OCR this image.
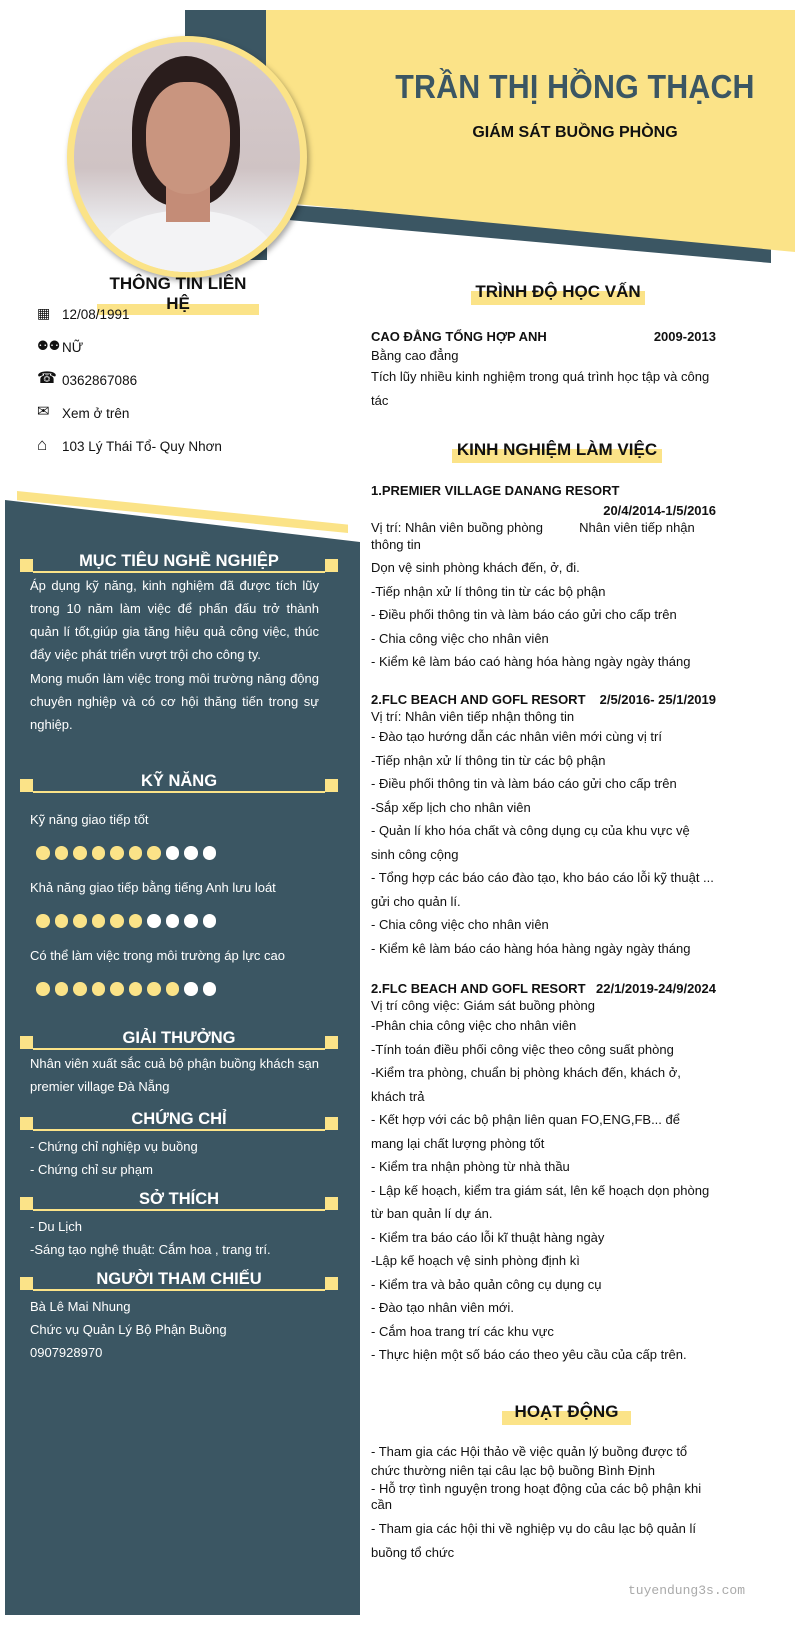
TRẦN THỊ HỒNG THẠCH
GIÁM SÁT BUỒNG PHÒNG
THÔNG TIN LIÊN HỆ
▦ 12/08/1991
⚉⚉ NỮ
☎ 0362867086
✉ Xem ở trên
⌂	103 Lý Thái Tổ- Quy Nhơn
MỤC TIÊU NGHỀ NGHIỆP
Áp dụng kỹ năng, kinh nghiệm đã được tích lũy trong 10 năm làm việc để phấn đấu trở thành quản lí tốt,giúp gia tăng hiệu quả công việc, thúc đẩy việc phát triển vượt trội cho công ty.
Mong muốn làm việc trong môi trường năng động chuyên nghiệp và có cơ hội thăng tiến trong sự nghiệp.
KỸ NĂNG
Kỹ năng giao tiếp tốt
Khả năng giao tiếp bằng tiếng Anh lưu loát
Có thể làm việc trong môi trường áp lực cao
GIẢI THƯỞNG
Nhân viên xuất sắc cuả bộ phận buồng khách sạn premier village Đà Nẵng
CHỨNG CHỈ
- Chứng chỉ nghiệp vụ buồng
- Chứng chỉ sư phạm
SỞ THÍCH
- Du Lịch
-Sáng tạo nghệ thuật: Cắm hoa , trang trí.
NGƯỜI THAM CHIẾU
Bà Lê Mai Nhung
Chức vụ Quản Lý Bộ Phận Buồng
0907928970
TRÌNH ĐỘ HỌC VẤN
CAO ĐẲNG TỔNG HỢP ANH	2009-2013
Bằng cao đẳng
Tích lũy nhiều kinh nghiệm trong quá trình học tập và công tác
KINH NGHIỆM LÀM VIỆC
1.PREMIER VILLAGE DANANG RESORT
20/4/2014-1/5/2016
Vị trí: Nhân viên buồng phòng          Nhân viên tiếp nhận thông tin
Dọn vệ sinh phòng khách đến, ở, đi.
-Tiếp nhận xử lí thông tin từ các bộ phận
- Điều phối thông tin và làm báo cáo gửi cho cấp trên
- Chia công việc cho nhân viên
- Kiểm kê làm báo caó hàng hóa hàng ngày ngày tháng
2.FLC BEACH AND GOFL RESORT 2/5/2016- 25/1/2019
Vị trí: Nhân viên tiếp nhận thông tin
- Đào tạo hướng dẫn các nhân viên mới cùng vị trí
-Tiếp nhận xử lí thông tin từ các bộ phận
- Điều phối thông tin và làm báo cáo gửi cho cấp trên
-Sắp xếp lịch cho nhân viên
- Quản lí kho hóa chất và công dụng cụ của khu vực vệ sinh công cộng
- Tổng hợp các báo cáo đào tạo, kho báo cáo lỗi kỹ thuật ... gửi cho quản lí.
- Chia công việc cho nhân viên
- Kiểm kê làm báo cáo hàng hóa hàng ngày ngày tháng
2.FLC BEACH AND GOFL RESORT 22/1/2019-24/9/2024
Vị trí công việc: Giám sát buồng phòng
-Phân chia công việc cho nhân viên
-Tính toán điều phối công việc theo công suất phòng
-Kiểm tra phòng, chuẩn bị phòng khách đến, khách ở, khách trả
- Kết hợp với các bộ phận liên quan FO,ENG,FB... để mang lại chất lượng phòng tốt
- Kiểm tra nhận phòng từ nhà thầu
- Lập kế hoạch, kiểm tra giám sát, lên kế hoạch dọn phòng từ ban quản lí dự án.
- Kiểm tra báo cáo lỗi kĩ thuật hàng ngày
-Lập kế hoạch vệ sinh phòng định kì
- Kiểm tra và bảo quản công cụ dụng cụ
- Đào tạo nhân viên mới.
- Cắm hoa trang trí các khu vực
- Thực hiện một số báo cáo theo yêu cầu của cấp trên.
HOẠT ĐỘNG
- Tham gia các Hội thảo về việc quản lý buồng được tổ chức thường niên tại câu lạc bộ buồng Bình Định
- Hỗ trợ tình nguyện trong hoạt động của các bộ phận khi cần
- Tham gia các hội thi về nghiệp vụ do câu lạc bộ quản lí buồng tổ chức
tuyendung3s.com
